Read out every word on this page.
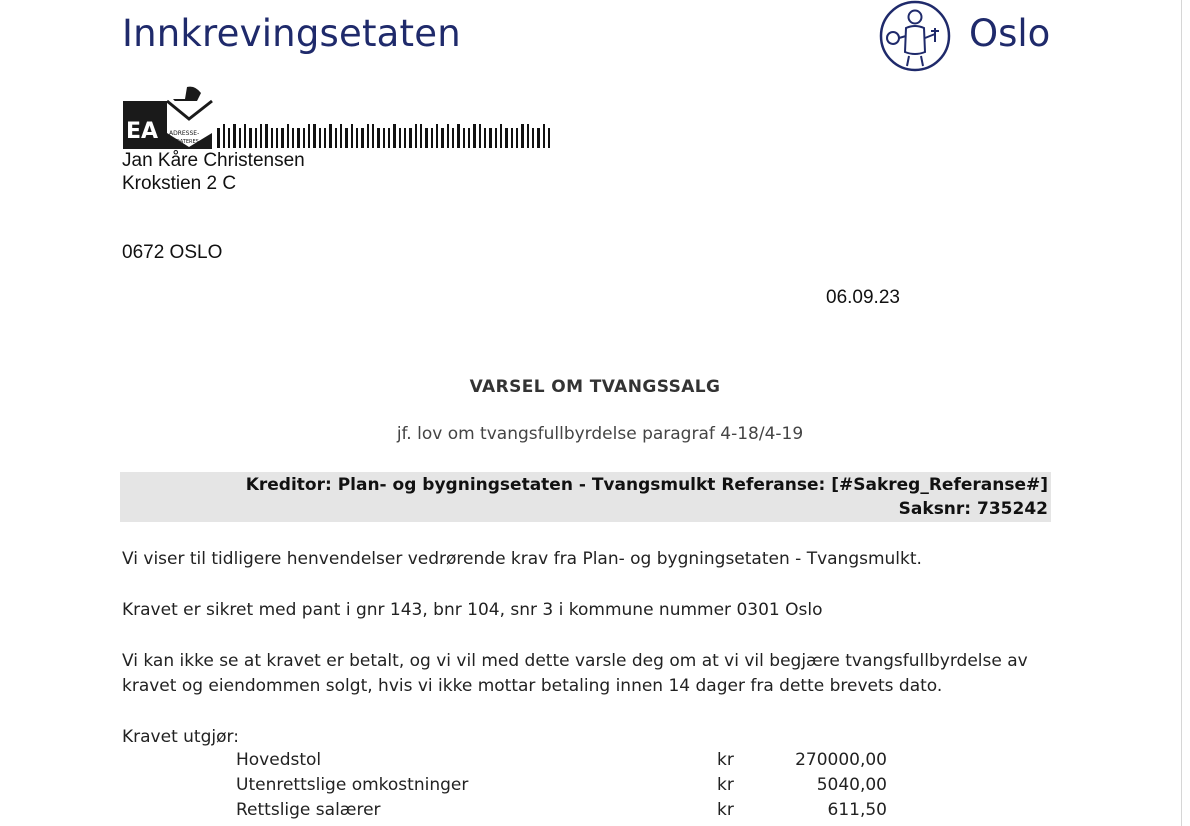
Innkrevingsetaten	Oslo
EA ADRESSE-
OPPDATERES
Jan Kåre Christensen
Krokstien 2 C
0672 OSLO
06.09.23
VARSEL OM TVANGSSALG
jf. lov om tvangsfullbyrdelse paragraf 4-18/4-19
Kreditor: Plan- og bygningsetaten - Tvangsmulkt Referanse: [#Sakreg_Referanse#]
Saksnr: 735242
Vi viser til tidligere henvendelser vedrørende krav fra Plan- og bygningsetaten - Tvangsmulkt.
Kravet er sikret med pant i gnr 143, bnr 104, snr 3 i kommune nummer 0301 Oslo
Vi kan ikke se at kravet er betalt, og vi vil med dette varsle deg om at vi vil begjære tvangsfullbyrdelse av
kravet og eiendommen solgt, hvis vi ikke mottar betaling innen 14 dager fra dette brevets dato.
Kravet utgjør:
Hovedstol	kr	270000,00
Utenrettslige omkostninger	kr	5040,00
Rettslige salærer	kr	611,50
